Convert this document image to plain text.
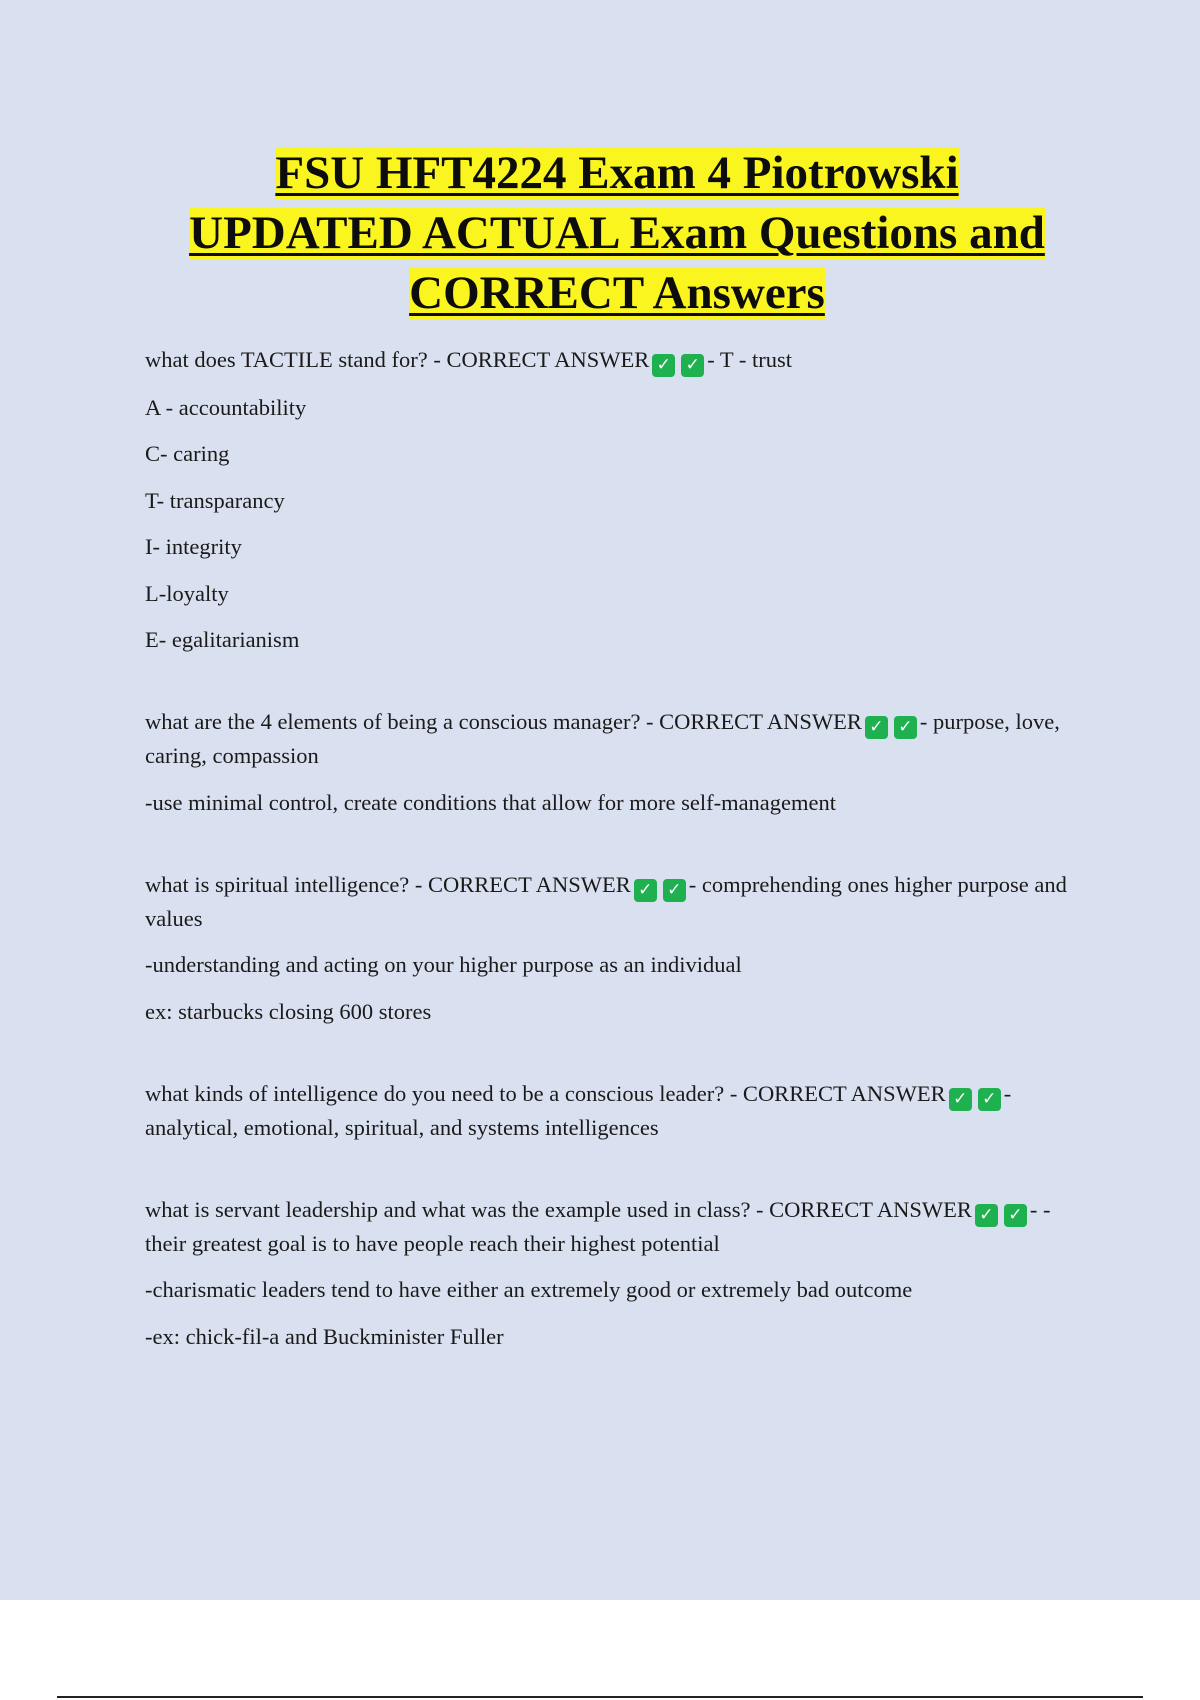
FSU HFT4224 Exam 4 Piotrowski
UPDATED ACTUAL Exam Questions and
CORRECT Answers

what does TACTILE stand for? - CORRECT ANSWER ✓ ✓ - T - trust

A - accountability

C- caring

T- transparancy

I- integrity

L-loyalty

E- egalitarianism

what are the 4 elements of being a conscious manager? - CORRECT ANSWER ✓ ✓ - purpose, love, caring, compassion

-use minimal control, create conditions that allow for more self-management

what is spiritual intelligence? - CORRECT ANSWER ✓ ✓ - comprehending ones higher purpose and values

-understanding and acting on your higher purpose as an individual

ex: starbucks closing 600 stores

what kinds of intelligence do you need to be a conscious leader? - CORRECT ANSWER ✓ ✓ - analytical, emotional, spiritual, and systems intelligences

what is servant leadership and what was the example used in class? - CORRECT ANSWER ✓ ✓ - -their greatest goal is to have people reach their highest potential

-charismatic leaders tend to have either an extremely good or extremely bad outcome

-ex: chick-fil-a and Buckminister Fuller
